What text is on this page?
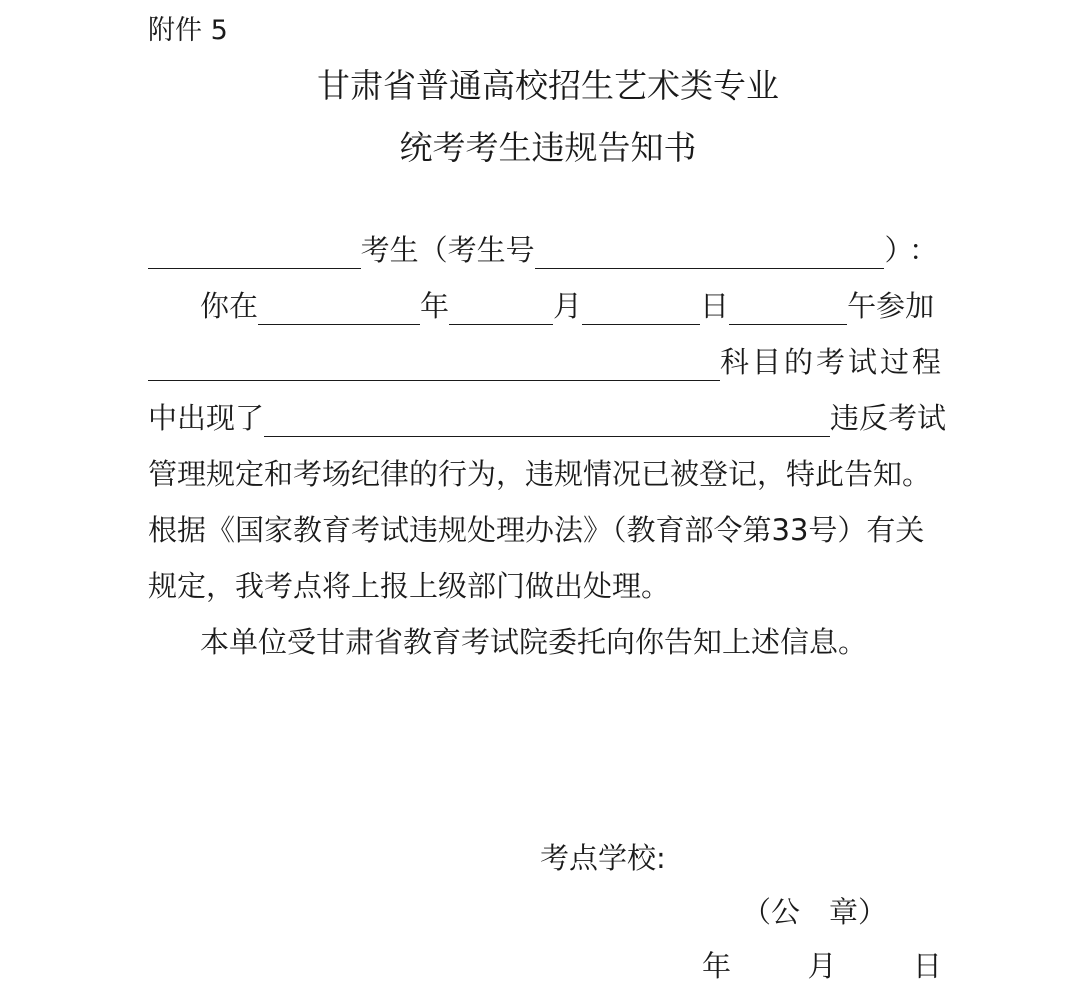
附件 5
甘肃省普通高校招生艺术类专业
统考考生违规告知书
考生（考生号	）：
你在	年	月	日	午参加
科目的考试过程
中出现了	违反考试
管理规定和考场纪律的行为，违规情况已被登记，特此告知。
根据《国家教育考试违规处理办法》（教育部令第33号）有关
规定，我考点将上报上级部门做出处理。
本单位受甘肃省教育考试院委托向你告知上述信息。
考点学校:
（公　章）
年	月	日
